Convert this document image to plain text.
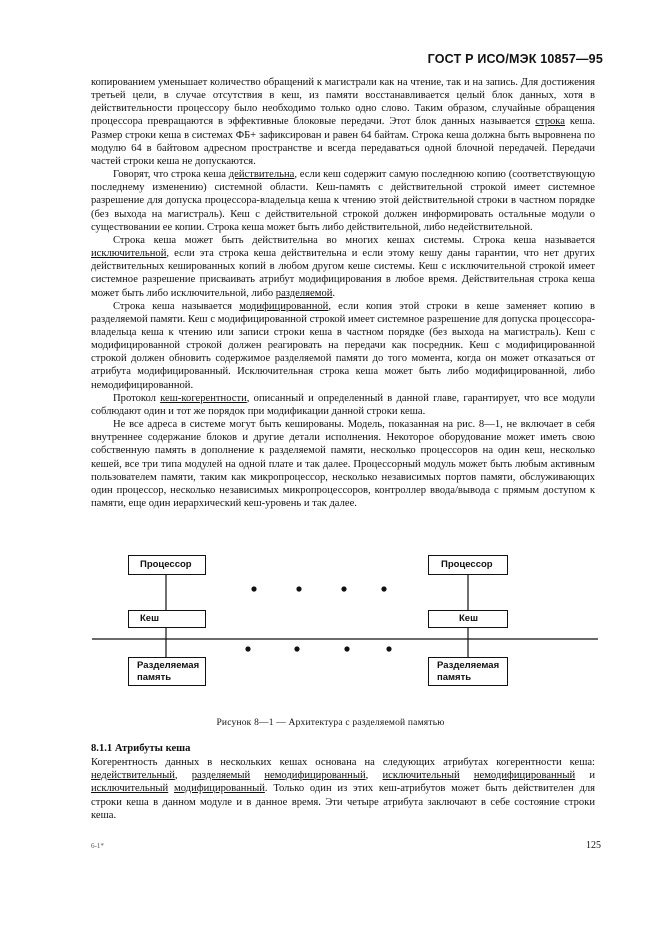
ГОСТ Р ИСО/МЭК 10857—95

копированием уменьшает количество обращений к магистрали как на чтение, так и на запись. Для достижения третьей цели, в случае отсутствия в кеш, из памяти восстанавливается целый блок данных, хотя в действительности процессору было необходимо только одно слово. Таким образом, случайные обращения процессора превращаются в эффективные блоковые передачи. Этот блок данных называется строка кеша. Размер строки кеша в системах ФБ+ зафиксирован и равен 64 байтам. Строка кеша должна быть выровнена по модулю 64 в байтовом адресном пространстве и всегда передаваться одной блочной передачей. Передачи частей строки кеша не допускаются.

Говорят, что строка кеша действительна, если кеш содержит самую последнюю копию (соответствующую последнему изменению) системной области. Кеш-память с действительной строкой имеет системное разрешение для допуска процессора-владельца кеша к чтению этой действительной строки в частном порядке (без выхода на магистраль). Кеш с действительной строкой должен информировать остальные модули о существовании ее копии. Строка кеша может быть либо действительной, либо недействительной.

Строка кеша может быть действительна во многих кешах системы. Строка кеша называется исключительной, если эта строка кеша действительна и если этому кешу даны гарантии, что нет других действительных кешированных копий в любом другом кеше системы. Кеш с исключительной строкой имеет системное разрешение присваивать атрибут модифицирования в любое время. Действительная строка кеша может быть либо исключительной, либо разделяемой.

Строка кеша называется модифицированной, если копия этой строки в кеше заменяет копию в разделяемой памяти. Кеш с модифицированной строкой имеет системное разрешение для допуска процессора-владельца кеша к чтению или записи строки кеша в частном порядке (без выхода на магистраль). Кеш с модифицированной строкой должен реагировать на передачи как посредник. Кеш с модифицированной строкой должен обновить содержимое разделяемой памяти до того момента, когда он может отказаться от атрибута модифицированный. Исключительная строка кеша может быть либо модифицированной, либо немодифицированной.

Протокол кеш-когерентности, описанный и определенный в данной главе, гарантирует, что все модули соблюдают один и тот же порядок при модификации данной строки кеша.

Не все адреса в системе могут быть кешированы. Модель, показанная на рис. 8—1, не включает в себя внутреннее содержание блоков и другие детали исполнения. Некоторое оборудование может иметь свою собственную память в дополнение к разделяемой памяти, несколько процессоров на один кеш, несколько кешей, все три типа модулей на одной плате и так далее. Процессорный модуль может быть любым активным пользователем памяти, таким как микропроцессор, несколько независимых портов памяти, обслуживающих один процессор, несколько независимых микропроцессоров, контроллер ввода/вывода с прямым доступом к памяти, еще один иерархический кеш-уровень и так далее.

Процессор
Кеш
Разделяемая
память
Процессор
Кеш
Разделяемая
память
Рисунок 8—1 — Архитектура с разделяемой памятью

8.1.1 Атрибуты кеша

Когерентность данных в нескольких кешах основана на следующих атрибутах когерентности кеша: недействительный, разделяемый немодифицированный, исключительный немодифицированный и исключительный модифицированный. Только один из этих кеш-атрибутов может быть действителен для строки кеша в данном модуле и в данное время. Эти четыре атрибута заключают в себе состояние строки кеша.

6-1*	125
